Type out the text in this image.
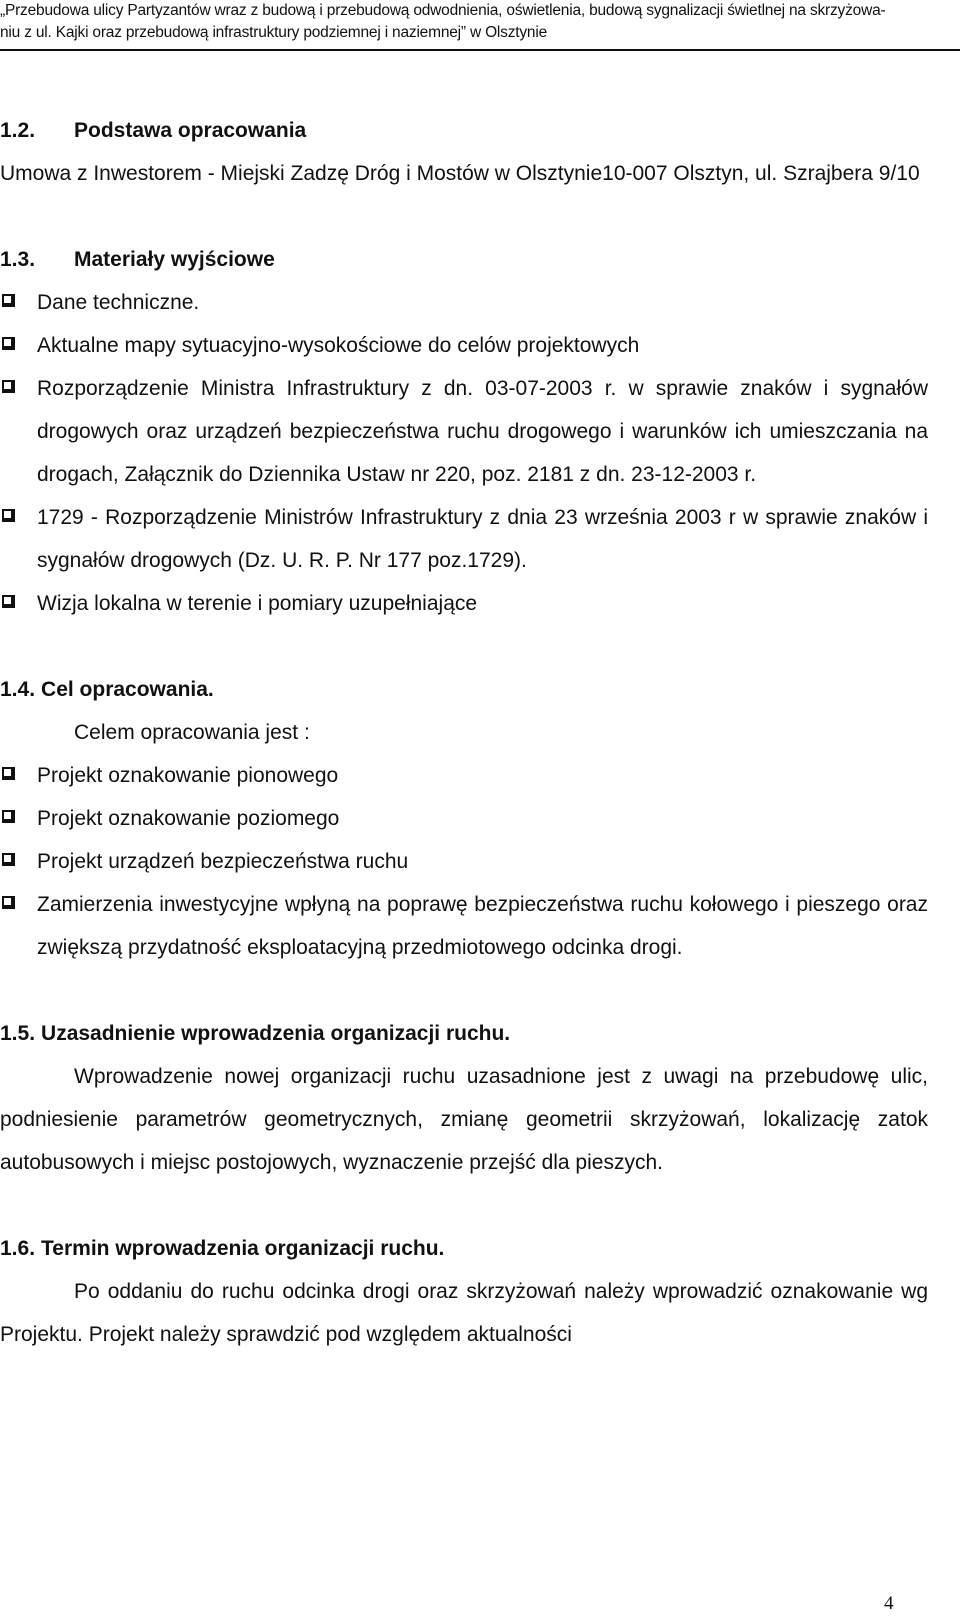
„Przebudowa ulicy Partyzantów wraz z budową i przebudową odwodnienia, oświetlenia, budową sygnalizacji świetlnej na skrzyżowa-
niu z ul. Kajki oraz przebudową infrastruktury podziemnej i naziemnej” w Olsztynie
1.2. Podstawa opracowania

Umowa z Inwestorem - Miejski Zadzę Dróg i Mostów w Olsztynie10-007 Olsztyn, ul. Szrajbera 9/10

1.3. Materiały wyjściowe
Dane techniczne.
Aktualne mapy sytuacyjno-wysokościowe do celów projektowych
Rozporządzenie Ministra Infrastruktury z dn. 03-07-2003 r. w sprawie znaków i sygnałów drogowych oraz urządzeń bezpieczeństwa ruchu drogowego i warunków ich umieszczania na drogach, Załącznik do Dziennika Ustaw nr 220, poz. 2181 z dn. 23-12-2003 r.
1729 - Rozporządzenie Ministrów Infrastruktury z dnia 23 września 2003 r w sprawie znaków i sygnałów drogowych (Dz. U. R. P. Nr 177 poz.1729).
Wizja lokalna w terenie i pomiary uzupełniające
1.4. Cel opracowania.

Celem opracowania jest :

Projekt oznakowanie pionowego
Projekt oznakowanie poziomego
Projekt urządzeń bezpieczeństwa ruchu
Zamierzenia inwestycyjne wpłyną na poprawę bezpieczeństwa ruchu kołowego i pieszego oraz zwiększą przydatność eksploatacyjną przedmiotowego odcinka drogi.
1.5. Uzasadnienie wprowadzenia organizacji ruchu.

Wprowadzenie nowej organizacji ruchu uzasadnione jest z uwagi na przebudowę ulic, podniesienie parametrów geometrycznych, zmianę geometrii skrzyżowań, lokalizację zatok autobusowych i miejsc postojowych, wyznaczenie przejść dla pieszych.

1.6. Termin wprowadzenia organizacji ruchu.

Po oddaniu do ruchu odcinka drogi oraz skrzyżowań należy wprowadzić oznakowanie wg Projektu. Projekt należy sprawdzić pod względem aktualności

4
